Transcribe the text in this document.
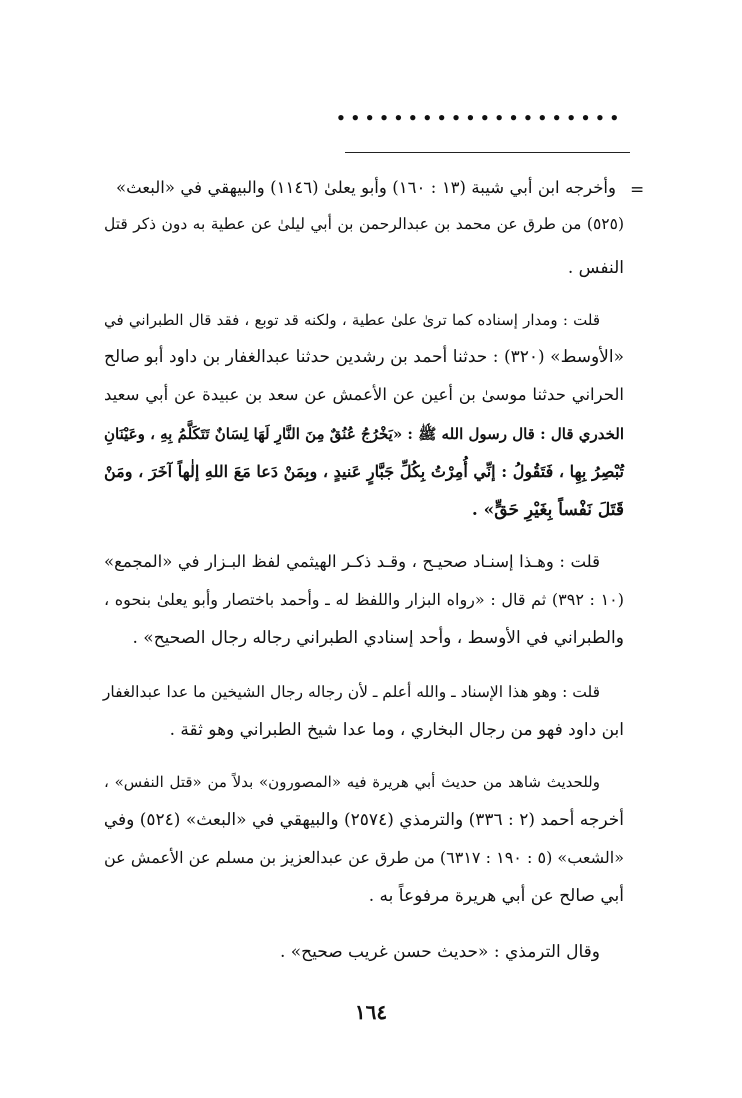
••••••••••••••••••••
=
وأخرجه ابن أبي شيبة (١٣ : ١٦٠) وأبو يعلىٰ (١١٤٦) والبيهقي في «البعث»
(٥٢٥) من طرق عن محمد بن عبدالرحمن بن أبي ليلىٰ عن عطية به دون ذكر قتل
النفس .
قلت : ومدار إسناده كما ترىٰ علىٰ عطية ، ولكنه قد توبع ، فقد قال الطبراني في
«الأوسط» (٣٢٠) : حدثنا أحمد بن رشدين حدثنا عبدالغفار بن داود أبو صالح
الحراني حدثنا موسىٰ بن أعين عن الأعمش عن سعد بن عبيدة عن أبي سعيد
الخدري قال : قال رسول الله ﷺ : «يَخْرُجُ عُنُقٌ مِنَ النَّارِ لَهَا لِسَانٌ تَتَكَلَّمُ بِهِ ، وعَيْنَانِ
تُبْصِرُ بِهِا ، فَتَقُولُ : إنِّي أُمِرْتُ بِكُلِّ جَبَّارٍ عَنيدٍ ، وبِمَنْ دَعا مَعَ اللهِ إلٰهاً آخَرَ ، ومَنْ
قَتَلَ نَفْساً بِغَيْرِ حَقٍّ» .
قلت : وهـذا إسنـاد صحيـح ، وقـد ذكـر الهيثمي لفظ البـزار في «المجمع»
(١٠ : ٣٩٢) ثم قال : «رواه البزار واللفظ له ـ وأحمد باختصار وأبو يعلىٰ بنحوه ،
والطبراني في الأوسط ، وأحد إسنادي الطبراني رجاله رجال الصحيح» .
قلت : وهو هذا الإسناد ـ والله أعلم ـ لأن رجاله رجال الشيخين ما عدا عبدالغفار
ابن داود فهو من رجال البخاري ، وما عدا شيخ الطبراني وهو ثقة .
وللحديث شاهد من حديث أبي هريرة فيه «المصورون» بدلاً من «قتل النفس» ،
أخرجه أحمد (٢ : ٣٣٦) والترمذي (٢٥٧٤) والبيهقي في «البعث» (٥٢٤) وفي
«الشعب» (٥ : ١٩٠ : ٦٣١٧) من طرق عن عبدالعزيز بن مسلم عن الأعمش عن
أبي صالح عن أبي هريرة مرفوعاً به .
وقال الترمذي : «حديث حسن غريب صحيح» .
١٦٤
